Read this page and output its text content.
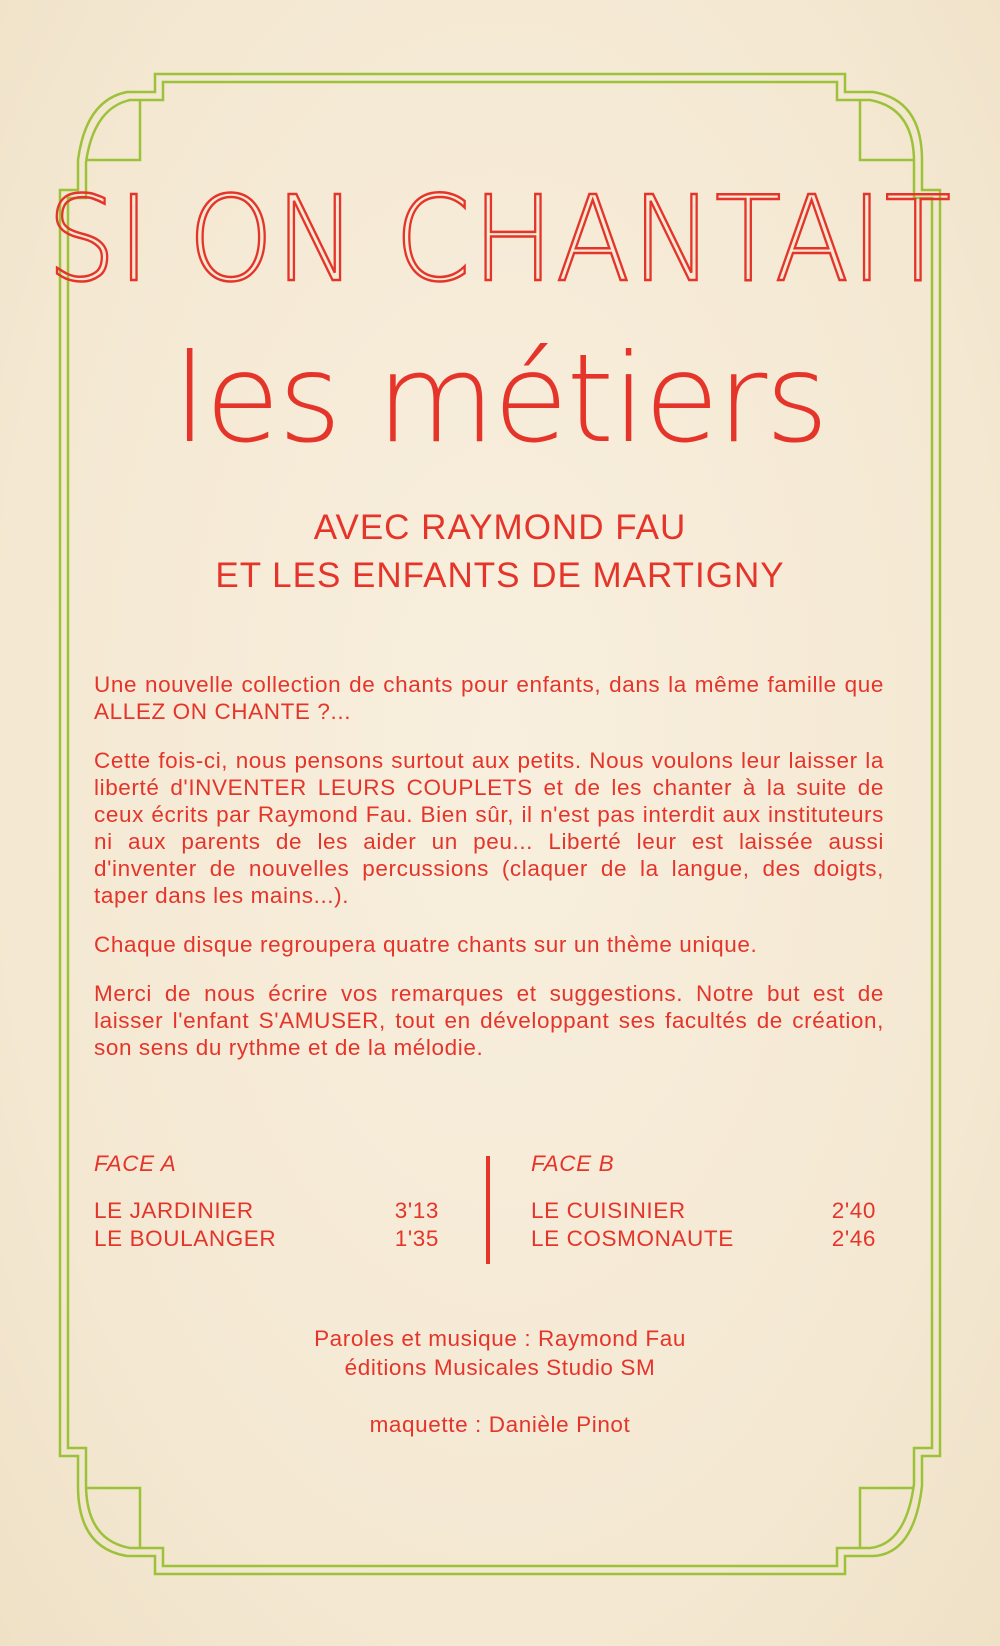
SI ON CHANTAIT
les métiers
AVEC RAYMOND FAU
ET LES ENFANTS DE MARTIGNY

Une nouvelle collection de chants pour enfants, dans la même famille que ALLEZ ON CHANTE ?...

Cette fois-ci, nous pensons surtout aux petits. Nous voulons leur laisser la liberté d'INVENTER LEURS COUPLETS et de les chanter à la suite de ceux écrits par Raymond Fau. Bien sûr, il n'est pas interdit aux instituteurs ni aux parents de les aider un peu... Liberté leur est laissée aussi d'inventer de nouvelles percussions (claquer de la langue, des doigts, taper dans les mains...).

Chaque disque regroupera quatre chants sur un thème unique.

Merci de nous écrire vos remarques et suggestions. Notre but est de laisser l'enfant S'AMUSER, tout en développant ses facultés de création, son sens du rythme et de la mélodie.

FACE A
LE JARDINIER	3'13
LE BOULANGER	1'35
FACE B
LE CUISINIER	2'40
LE COSMONAUTE	2'46
Paroles et musique : Raymond Fau
éditions Musicales Studio SM
maquette : Danièle Pinot
